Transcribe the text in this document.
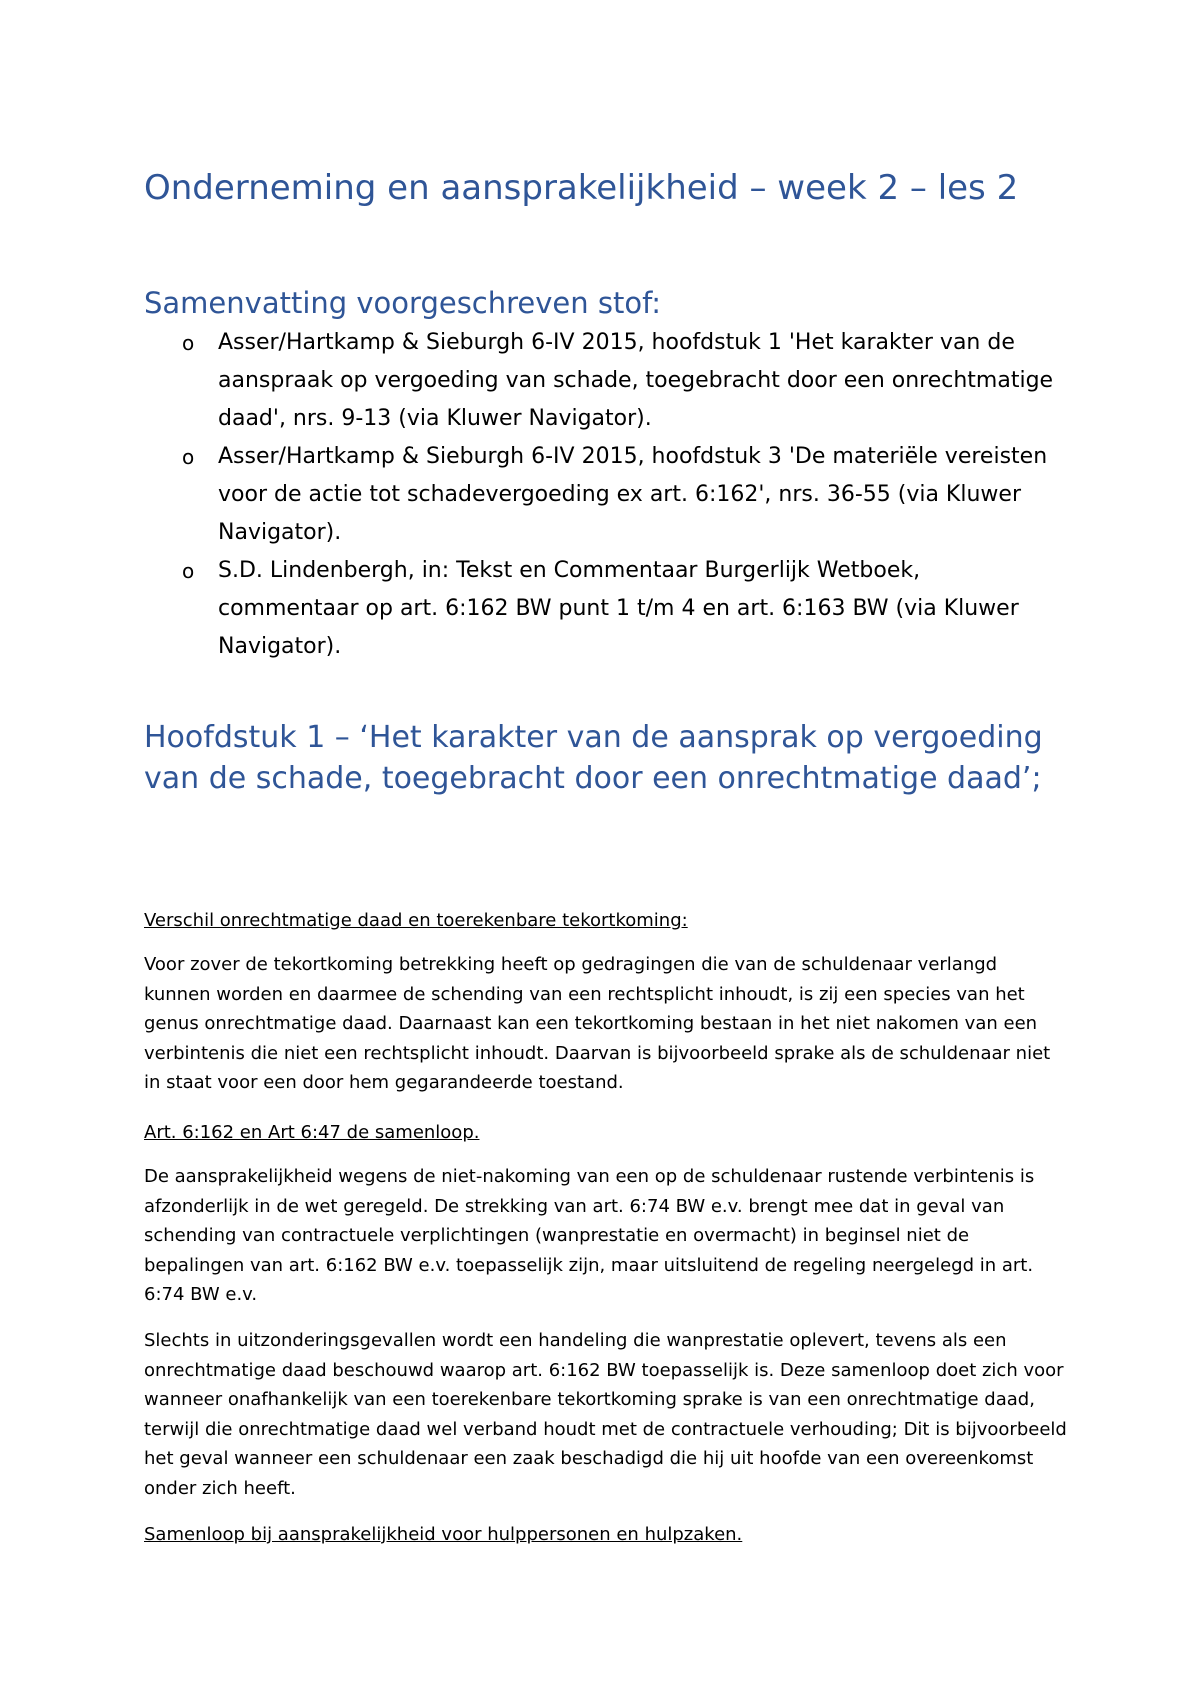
Onderneming en aansprakelijkheid – week 2 – les 2
Samenvatting voorgeschreven stof:
o Asser/Hartkamp & Sieburgh 6-IV 2015, hoofdstuk 1 'Het karakter van de aanspraak op vergoeding van schade, toegebracht door een onrechtmatige daad', nrs. 9-13 (via Kluwer Navigator).
o Asser/Hartkamp & Sieburgh 6-IV 2015, hoofdstuk 3 'De materiële vereisten voor de actie tot schadevergoeding ex art. 6:162', nrs. 36-55 (via Kluwer Navigator).
o S.D. Lindenbergh, in: Tekst en Commentaar Burgerlijk Wetboek, commentaar op art. 6:162 BW punt 1 t/m 4 en art. 6:163 BW (via Kluwer Navigator).
Hoofdstuk 1 – ‘Het karakter van de aansprak op vergoeding van de schade, toegebracht door een onrechtmatige daad’;

Verschil onrechtmatige daad en toerekenbare tekortkoming:

Voor zover de tekortkoming betrekking heeft op gedragingen die van de schuldenaar verlangd kunnen worden en daarmee de schending van een rechtsplicht inhoudt, is zij een species van het genus onrechtmatige daad. Daarnaast kan een tekortkoming bestaan in het niet nakomen van een verbintenis die niet een rechtsplicht inhoudt. Daarvan is bijvoorbeeld sprake als de schuldenaar niet in staat voor een door hem gegarandeerde toestand.

Art. 6:162 en Art 6:47 de samenloop.

De aansprakelijkheid wegens de niet-nakoming van een op de schuldenaar rustende verbintenis is afzonderlijk in de wet geregeld. De strekking van art. 6:74 BW e.v. brengt mee dat in geval van schending van contractuele verplichtingen (wanprestatie en overmacht) in beginsel niet de bepalingen van art. 6:162 BW e.v. toepasselijk zijn, maar uitsluitend de regeling neergelegd in art. 6:74 BW e.v.

Slechts in uitzonderingsgevallen wordt een handeling die wanprestatie oplevert, tevens als een onrechtmatige daad beschouwd waarop art. 6:162 BW toepasselijk is. Deze samenloop doet zich voor wanneer onafhankelijk van een toerekenbare tekortkoming sprake is van een onrechtmatige daad, terwijl die onrechtmatige daad wel verband houdt met de contractuele verhouding; Dit is bijvoorbeeld het geval wanneer een schuldenaar een zaak beschadigd die hij uit hoofde van een overeenkomst onder zich heeft.

Samenloop bij aansprakelijkheid voor hulppersonen en hulpzaken.
